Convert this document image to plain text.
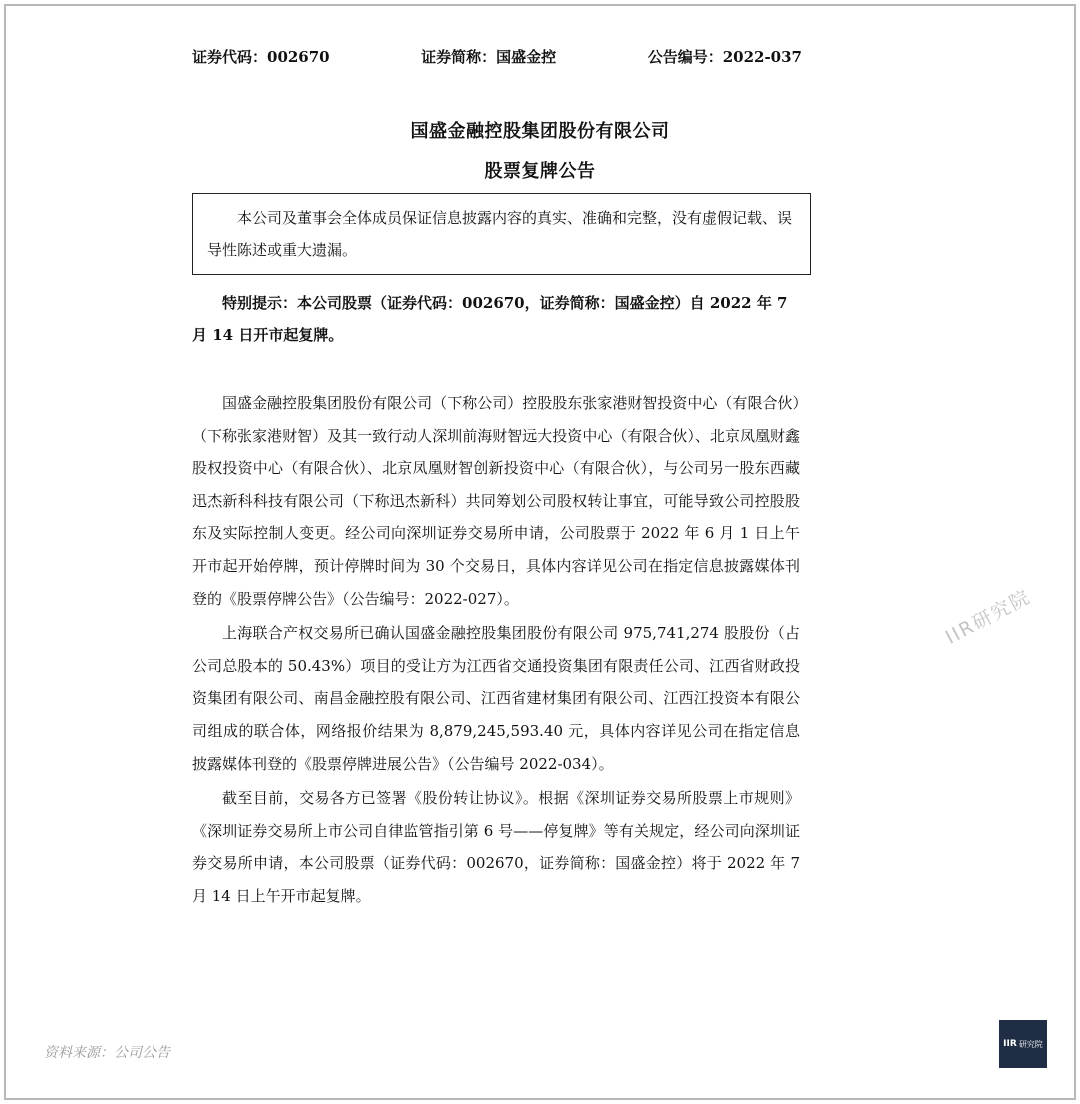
证券代码：002670	证券简称：国盛金控	公告编号：2022-037
国盛金融控股集团股份有限公司
股票复牌公告
本公司及董事会全体成员保证信息披露内容的真实、准确和完整，没有虚假记载、误导性陈述或重大遗漏。
特别提示：本公司股票（证券代码：002670，证券简称：国盛金控）自 2022 年 7 月 14 日开市起复牌。

国盛金融控股集团股份有限公司（下称公司）控股股东张家港财智投资中心（有限合伙）（下称张家港财智）及其一致行动人深圳前海财智远大投资中心（有限合伙）、北京凤凰财鑫股权投资中心（有限合伙）、北京凤凰财智创新投资中心（有限合伙），与公司另一股东西藏迅杰新科科技有限公司（下称迅杰新科）共同筹划公司股权转让事宜，可能导致公司控股股东及实际控制人变更。经公司向深圳证券交易所申请，公司股票于 2022 年 6 月 1 日上午开市起开始停牌，预计停牌时间为 30 个交易日，具体内容详见公司在指定信息披露媒体刊登的《股票停牌公告》（公告编号：2022-027）。

上海联合产权交易所已确认国盛金融控股集团股份有限公司 975,741,274 股股份（占公司总股本的 50.43%）项目的受让方为江西省交通投资集团有限责任公司、江西省财政投资集团有限公司、南昌金融控股有限公司、江西省建材集团有限公司、江西江投资本有限公司组成的联合体，网络报价结果为 8,879,245,593.40 元，具体内容详见公司在指定信息披露媒体刊登的《股票停牌进展公告》（公告编号 2022-034）。

截至目前，交易各方已签署《股份转让协议》。根据《深圳证券交易所股票上市规则》《深圳证券交易所上市公司自律监管指引第 6 号——停复牌》等有关规定，经公司向深圳证券交易所申请，本公司股票（证券代码：002670，证券简称：国盛金控）将于 2022 年 7 月 14 日上午开市起复牌。

IIR研究院
资料来源：公司公告
IIR 研究院
